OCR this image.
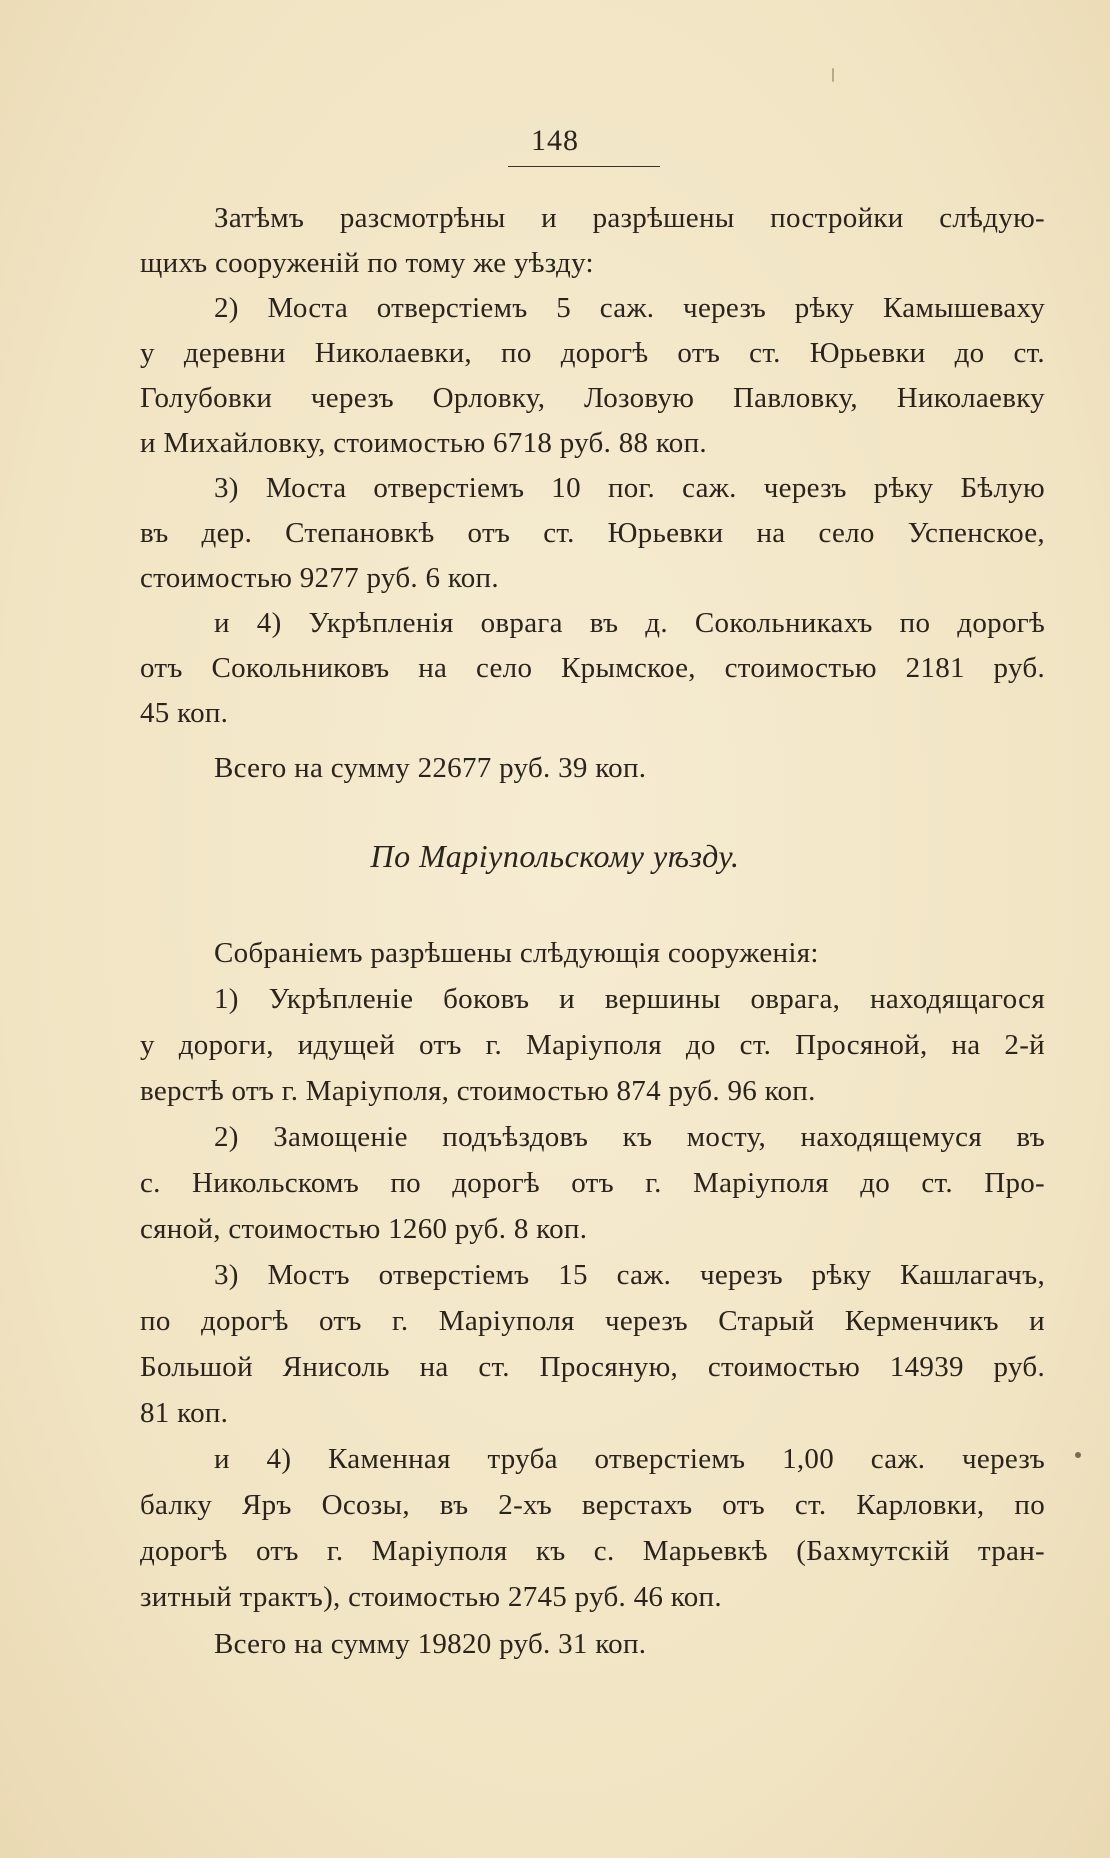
148
Затѣмъ разсмотрѣны и разрѣшены постройки слѣдую-
щихъ сооруженій по тому же уѣзду:
2) Моста отверстіемъ 5 саж. черезъ рѣку Камышеваху
у деревни Николаевки, по дорогѣ отъ ст. Юрьевки до ст.
Голубовки черезъ Орловку, Лозовую Павловку, Николаевку
и Михайловку, стоимостью 6718 руб. 88 коп.
3) Моста отверстіемъ 10 пог. саж. черезъ рѣку Бѣлую
въ дер. Степановкѣ отъ ст. Юрьевки на село Успенское,
стоимостью 9277 руб. 6 коп.
и 4) Укрѣпленія оврага въ д. Сокольникахъ по дорогѣ
отъ Сокольниковъ на село Крымское, стоимостью 2181 руб.
45 коп.
Всего на сумму 22677 руб. 39 коп.
По Маріупольскому уѣзду.
Собраніемъ разрѣшены слѣдующія сооруженія:
1) Укрѣпленіе боковъ и вершины оврага, находящагося
у дороги, идущей отъ г. Маріуполя до ст. Просяной, на 2-й
верстѣ отъ г. Маріуполя, стоимостью 874 руб. 96 коп.
2) Замощеніе подъѣздовъ къ мосту, находящемуся въ
с. Никольскомъ по дорогѣ отъ г. Маріуполя до ст. Про-
сяной, стоимостью 1260 руб. 8 коп.
3) Мостъ отверстіемъ 15 саж. черезъ рѣку Кашлагачъ,
по дорогѣ отъ г. Маріуполя черезъ Старый Керменчикъ и
Большой Янисоль на ст. Просяную, стоимостью 14939 руб.
81 коп.
и 4) Каменная труба отверстіемъ 1,00 саж. черезъ
балку Яръ Осозы, въ 2-хъ верстахъ отъ ст. Карловки, по
дорогѣ отъ г. Маріуполя къ с. Марьевкѣ (Бахмутскій тран-
зитный трактъ), стоимостью 2745 руб. 46 коп.
Всего на сумму 19820 руб. 31 коп.
